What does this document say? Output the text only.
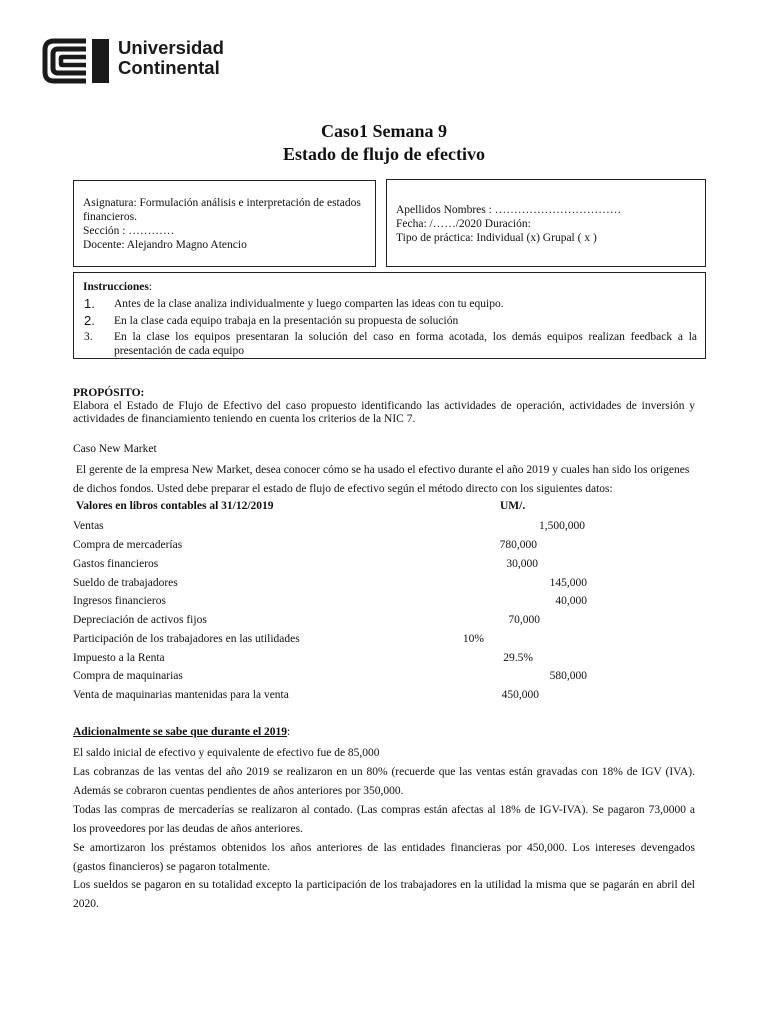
Universidad
Continental
Caso1 Semana 9
Estado de flujo de efectivo
Asignatura: Formulación análisis e interpretación de estados
financieros.
Sección : …………
Docente: Alejandro Magno Atencio
Apellidos Nombres : ……………………………
Fecha: /……/2020 Duración:
Tipo de práctica: Individual (x) Grupal ( x )
Instrucciones:
1.	Antes de la clase analiza individualmente y luego comparten las ideas con tu equipo.
2.	En la clase cada equipo trabaja en la presentación su propuesta de solución
3.	En la clase los equipos presentaran la solución del caso en forma acotada, los demás equipos realizan feedback a la
presentación de cada equipo
PROPÓSITO:
Elabora el Estado de Flujo de Efectivo del caso propuesto identificando las actividades de operación, actividades de inversión y actividades de financiamiento teniendo en cuenta los criterios de la NIC 7.
Caso New Market
El gerente de la empresa New Market, desea conocer cómo se ha usado el efectivo durante el año 2019 y cuales han sido los origenes
de dichos fondos. Usted debe preparar el estado de flujo de efectivo según el método directo con los siguientes datos:
Valores en libros contables al 31/12/2019	UM/.
Ventas	1,500,000
Compra de mercaderías	780,000
Gastos financieros	30,000
Sueldo de trabajadores	145,000
Ingresos financieros	40,000
Depreciación de activos fijos	70,000
Participación de los trabajadores en las utilidades	10%
Impuesto a la Renta	29.5%
Compra de maquinarias	580,000
Venta de maquinarias mantenidas para la venta	450,000
Adicionalmente se sabe que durante el 2019:
El saldo inicial de efectivo y equivalente de efectivo fue de 85,000
Las cobranzas de las ventas del año 2019 se realizaron en un 80% (recuerde que las ventas están gravadas con 18% de IGV (IVA).
Además se cobraron cuentas pendientes de años anteriores por 350,000.
Todas las compras de mercaderías se realizaron al contado. (Las compras están afectas al 18% de IGV-IVA). Se pagaron 73,0000 a
los proveedores por las deudas de años anteriores.
Se amortizaron los préstamos obtenidos los años anteriores de las entidades financieras por 450,000. Los intereses devengados
(gastos financieros) se pagaron totalmente.
Los sueldos se pagaron en su totalidad excepto la participación de los trabajadores en la utilidad la misma que se pagarán en abril del
2020.
